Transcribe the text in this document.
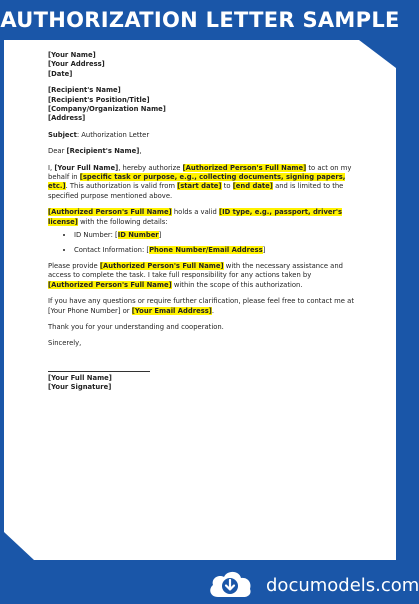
AUTHORIZATION LETTER SAMPLE
[Your Name]
[Your Address]
[Date]
[Recipient's Name]
[Recipient's Position/Title]
[Company/Organization Name]
[Address]

Subject: Authorization Letter

Dear [Recipient's Name],

I, [Your Full Name], hereby authorize [Authorized Person's Full Name] to act on my behalf in [specific task or purpose, e.g., collecting documents, signing papers, etc.]. This authorization is valid from [start date] to [end date] and is limited to the specified purpose mentioned above.

[Authorized Person's Full Name] holds a valid [ID type, e.g., passport, driver's license] with the following details:

• ID Number: [ID Number]
• Contact Information: [Phone Number/Email Address]

Please provide [Authorized Person's Full Name] with the necessary assistance and access to complete the task. I take full responsibility for any actions taken by [Authorized Person's Full Name] within the scope of this authorization.

If you have any questions or require further clarification, please feel free to contact me at [Your Phone Number] or [Your Email Address].

Thank you for your understanding and cooperation.

Sincerely,

[Your Full Name]
[Your Signature]
documodels.com
